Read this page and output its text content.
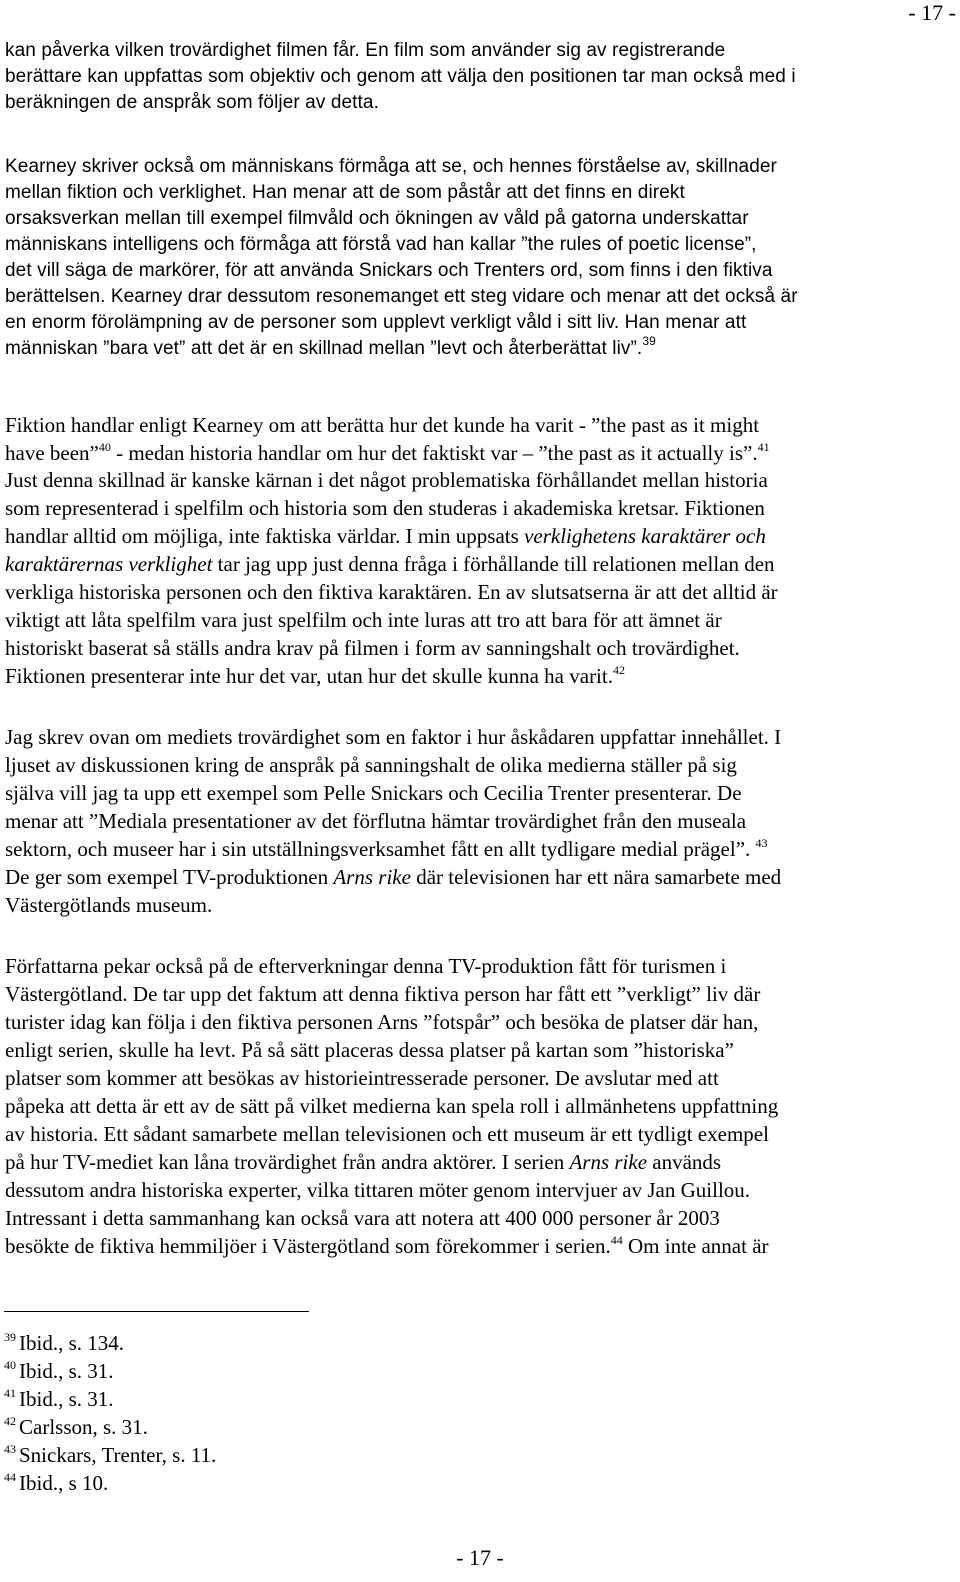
- 17 -
kan påverka vilken trovärdighet filmen får. En film som använder sig av registrerande
berättare kan uppfattas som objektiv och genom att välja den positionen tar man också med i
beräkningen de anspråk som följer av detta.
Kearney skriver också om människans förmåga att se, och hennes förståelse av, skillnader
mellan fiktion och verklighet. Han menar att de som påstår att det finns en direkt
orsaksverkan mellan till exempel filmvåld och ökningen av våld på gatorna underskattar
människans intelligens och förmåga att förstå vad han kallar ”the rules of poetic license”,
det vill säga de markörer, för att använda Snickars och Trenters ord, som finns i den fiktiva
berättelsen. Kearney drar dessutom resonemanget ett steg vidare och menar att det också är
en enorm förolämpning av de personer som upplevt verkligt våld i sitt liv. Han menar att
människan ”bara vet” att det är en skillnad mellan ”levt och återberättat liv”.$^{39}$
Fiktion handlar enligt Kearney om att berätta hur det kunde ha varit - ”the past as it might
have been”$^{40}$ - medan historia handlar om hur det faktiskt var – ”the past as it actually is”.$^{41}$
Just denna skillnad är kanske kärnan i det något problematiska förhållandet mellan historia
som representerad i spelfilm och historia som den studeras i akademiska kretsar. Fiktionen
handlar alltid om möjliga, inte faktiska världar. I min uppsats verklighetens karaktärer och
karaktärernas verklighet tar jag upp just denna fråga i förhållande till relationen mellan den
verkliga historiska personen och den fiktiva karaktären. En av slutsatserna är att det alltid är
viktigt att låta spelfilm vara just spelfilm och inte luras att tro att bara för att ämnet är
historiskt baserat så ställs andra krav på filmen i form av sanningshalt och trovärdighet.
Fiktionen presenterar inte hur det var, utan hur det skulle kunna ha varit.$^{42}$
Jag skrev ovan om mediets trovärdighet som en faktor i hur åskådaren uppfattar innehållet. I
ljuset av diskussionen kring de anspråk på sanningshalt de olika medierna ställer på sig
själva vill jag ta upp ett exempel som Pelle Snickars och Cecilia Trenter presenterar. De
menar att ”Mediala presentationer av det förflutna hämtar trovärdighet från den museala
sektorn, och museer har i sin utställningsverksamhet fått en allt tydligare medial prägel”. $^{43}$
De ger som exempel TV-produktionen Arns rike där televisionen har ett nära samarbete med
Västergötlands museum.
Författarna pekar också på de efterverkningar denna TV-produktion fått för turismen i
Västergötland. De tar upp det faktum att denna fiktiva person har fått ett ”verkligt” liv där
turister idag kan följa i den fiktiva personen Arns ”fotspår” och besöka de platser där han,
enligt serien, skulle ha levt. På så sätt placeras dessa platser på kartan som ”historiska”
platser som kommer att besökas av historieintresserade personer. De avslutar med att
påpeka att detta är ett av de sätt på vilket medierna kan spela roll i allmänhetens uppfattning
av historia. Ett sådant samarbete mellan televisionen och ett museum är ett tydligt exempel
på hur TV-mediet kan låna trovärdighet från andra aktörer. I serien Arns rike används
dessutom andra historiska experter, vilka tittaren möter genom intervjuer av Jan Guillou.
Intressant i detta sammanhang kan också vara att notera att 400 000 personer år 2003
besökte de fiktiva hemmiljöer i Västergötland som förekommer i serien.$^{44}$ Om inte annat är
$^{39}$ Ibid., s. 134.
$^{40}$ Ibid., s. 31.
$^{41}$ Ibid., s. 31.
$^{42}$ Carlsson, s. 31.
$^{43}$ Snickars, Trenter, s. 11.
$^{44}$ Ibid., s 10.
- 17 -
